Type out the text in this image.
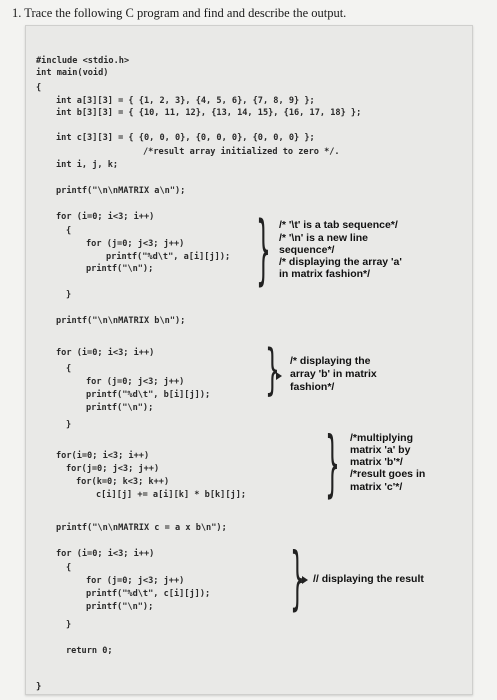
1. Trace the following C program and find and describe the output.
#include <stdio.h>
int main(void)
{
int a[3][3] = { {1, 2, 3}, {4, 5, 6}, {7, 8, 9} };
int b[3][3] = { {10, 11, 12}, {13, 14, 15}, {16, 17, 18} };
int c[3][3] = { {0, 0, 0}, {0, 0, 0}, {0, 0, 0} };
/*result array initialized to zero */.
int i, j, k;
printf("\n\nMATRIX a\n");
for (i=0; i<3; i++)
{
for (j=0; j<3; j++)
printf("%d\t", a[i][j]);
printf("\n");
}	} /* '\t' is a tab sequence*/
/* '\n' is a new line
sequence*/
/* displaying the array 'a'
in matrix fashion*/
printf("\n\nMATRIX b\n");
for (i=0; i<3; i++)
{
for (j=0; j<3; j++)
printf("%d\t", b[i][j]);
printf("\n");
}
} /* displaying the
array 'b' in matrix
fashion*/
for(i=0; i<3; i++)
for(j=0; j<3; j++)
for(k=0; k<3; k++)
c[i][j] += a[i][k] * b[k][j];	} /*multiplying
matrix 'a' by
matrix 'b'*/
/*result goes in
matrix 'c'*/
printf("\n\nMATRIX c = a x b\n");
for (i=0; i<3; i++)
{
for (j=0; j<3; j++)
printf("%d\t", c[i][j]);
printf("\n");
}
} // displaying the result
return 0;
}
